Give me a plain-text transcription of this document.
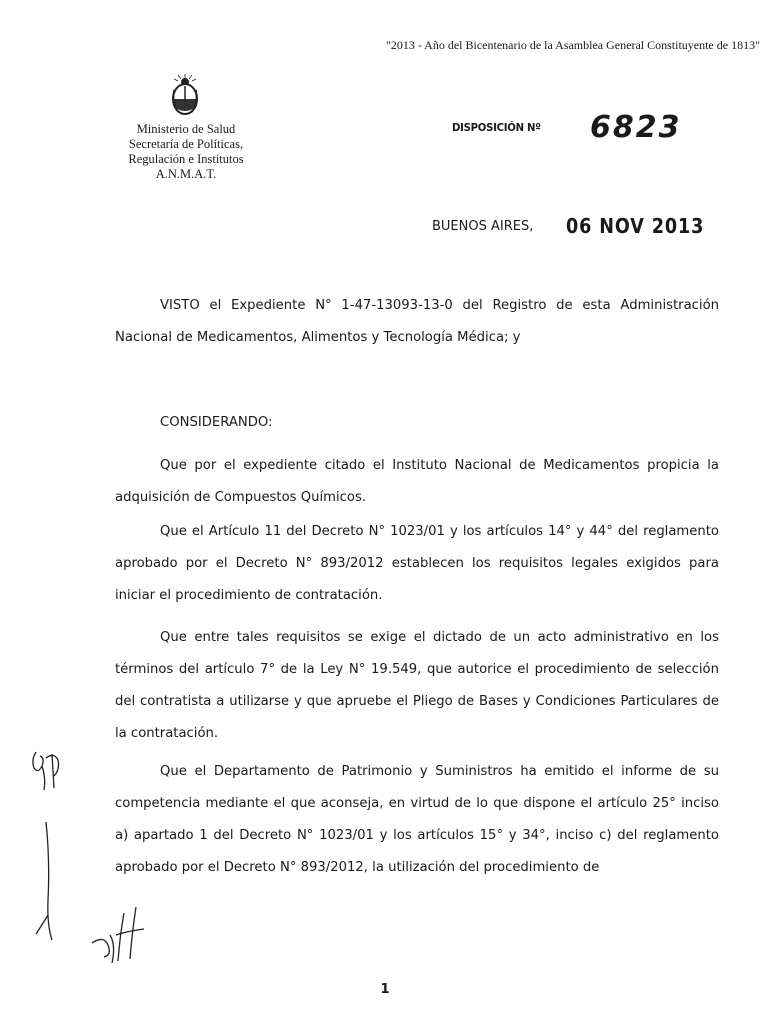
"2013 - Año del Bicentenario de la Asamblea General Constituyente de 1813"
Ministerio de Salud
Secretaría de Políticas,
Regulación e Institutos
A.N.M.A.T.
DISPOSICIÓN Nº 6823
BUENOS AIRES, 06 NOV 2013

VISTO el Expediente N° 1-47-13093-13-0 del Registro de esta Administración Nacional de Medicamentos, Alimentos y Tecnología Médica; y

CONSIDERANDO:

Que por el expediente citado el Instituto Nacional de Medicamentos propicia la adquisición de Compuestos Químicos.

Que el Artículo 11 del Decreto N° 1023/01 y los artículos 14° y 44° del reglamento aprobado por el Decreto N° 893/2012 establecen los requisitos legales exigidos para iniciar el procedimiento de contratación.

Que entre tales requisitos se exige el dictado de un acto administrativo en los términos del artículo 7° de la Ley N° 19.549, que autorice el procedimiento de selección del contratista a utilizarse y que apruebe el Pliego de Bases y Condiciones Particulares de la contratación.

Que el Departamento de Patrimonio y Suministros ha emitido el informe de su competencia mediante el que aconseja, en virtud de lo que dispone el artículo 25° inciso a) apartado 1 del Decreto N° 1023/01 y los artículos 15° y 34°, inciso c) del reglamento aprobado por el Decreto N° 893/2012, la utilización del procedimiento de

1
